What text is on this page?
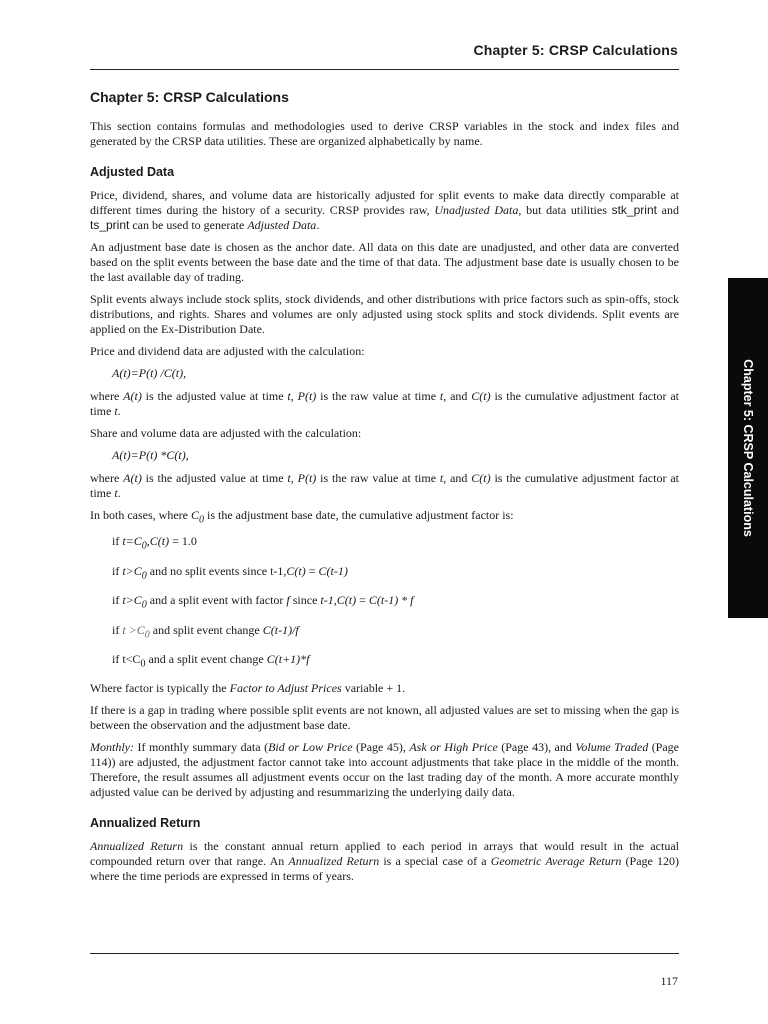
Chapter 5: CRSP Calculations
Chapter 5: CRSP Calculations
Chapter 5: CRSP Calculations

This section contains formulas and methodologies used to derive CRSP variables in the stock and index files and generated by the CRSP data utilities. These are organized alphabetically by name.

Adjusted Data

Price, dividend, shares, and volume data are historically adjusted for split events to make data directly comparable at different times during the history of a security. CRSP provides raw, Unadjusted Data, but data utilities stk_print and ts_print can be used to generate Adjusted Data.

An adjustment base date is chosen as the anchor date. All data on this date are unadjusted, and other data are converted based on the split events between the base date and the time of that data. The adjustment base date is usually chosen to be the last available day of trading.

Split events always include stock splits, stock dividends, and other distributions with price factors such as spin-offs, stock distributions, and rights. Shares and volumes are only adjusted using stock splits and stock dividends. Split events are applied on the Ex-Distribution Date.

Price and dividend data are adjusted with the calculation:

A(t)=P(t) /C(t),

where A(t) is the adjusted value at time t, P(t) is the raw value at time t, and C(t) is the cumulative adjustment factor at time t.

Share and volume data are adjusted with the calculation:

A(t)=P(t) *C(t),

where A(t) is the adjusted value at time t, P(t) is the raw value at time t, and C(t) is the cumulative adjustment factor at time t.

In both cases, where $C_0$ is the adjustment base date, the cumulative adjustment factor is:

if $t=C_0,C(t) = 1.0$
if $t>C_0$ and no split events since t-1,C(t) = C(t-1)
if $t>C_0$ and a split event with factor f since t-1,C(t) = C(t-1) * f
if $t >C_0$ and split event change C(t-1)/f
if $t<C_0$ and a split event change C(t+1)*f

Where factor is typically the Factor to Adjust Prices variable + 1.

If there is a gap in trading where possible split events are not known, all adjusted values are set to missing when the gap is between the observation and the adjustment base date.

Monthly: If monthly summary data (Bid or Low Price (Page 45), Ask or High Price (Page 43), and Volume Traded (Page 114)) are adjusted, the adjustment factor cannot take into account adjustments that take place in the middle of the month. Therefore, the result assumes all adjustment events occur on the last trading day of the month. A more accurate monthly adjusted value can be derived by adjusting and resummarizing the underlying daily data.

Annualized Return

Annualized Return is the constant annual return applied to each period in arrays that would result in the actual compounded return over that range. An Annualized Return is a special case of a Geometric Average Return (Page 120) where the time periods are expressed in terms of years.

117
